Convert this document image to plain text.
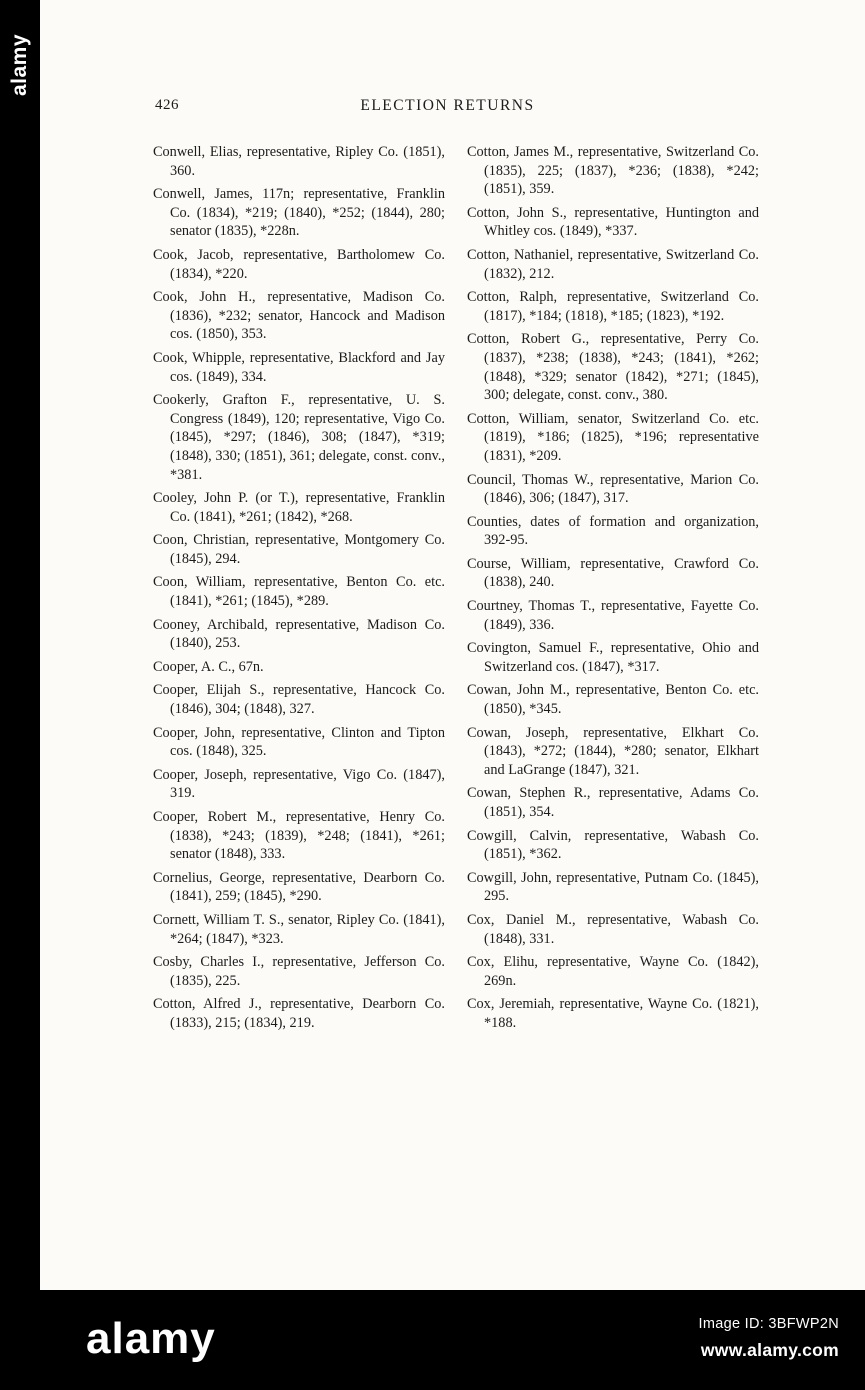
426	ELECTION RETURNS

Conwell, Elias, representative, Ripley Co. (1851), 360.

Conwell, James, 117n; representative, Franklin Co. (1834), *219; (1840), *252; (1844), 280; senator (1835), *228n.

Cook, Jacob, representative, Bartholomew Co. (1834), *220.

Cook, John H., representative, Madison Co. (1836), *232; senator, Hancock and Madison cos. (1850), 353.

Cook, Whipple, representative, Blackford and Jay cos. (1849), 334.

Cookerly, Grafton F., representative, U. S. Congress (1849), 120; representative, Vigo Co. (1845), *297; (1846), 308; (1847), *319; (1848), 330; (1851), 361; delegate, const. conv., *381.

Cooley, John P. (or T.), representative, Franklin Co. (1841), *261; (1842), *268.

Coon, Christian, representative, Montgomery Co. (1845), 294.

Coon, William, representative, Benton Co. etc. (1841), *261; (1845), *289.

Cooney, Archibald, representative, Madison Co. (1840), 253.

Cooper, A. C., 67n.

Cooper, Elijah S., representative, Hancock Co. (1846), 304; (1848), 327.

Cooper, John, representative, Clinton and Tipton cos. (1848), 325.

Cooper, Joseph, representative, Vigo Co. (1847), 319.

Cooper, Robert M., representative, Henry Co. (1838), *243; (1839), *248; (1841), *261; senator (1848), 333.

Cornelius, George, representative, Dearborn Co. (1841), 259; (1845), *290.

Cornett, William T. S., senator, Ripley Co. (1841), *264; (1847), *323.

Cosby, Charles I., representative, Jefferson Co. (1835), 225.

Cotton, Alfred J., representative, Dearborn Co. (1833), 215; (1834), 219.

Cotton, James M., representative, Switzerland Co. (1835), 225; (1837), *236; (1838), *242; (1851), 359.

Cotton, John S., representative, Huntington and Whitley cos. (1849), *337.

Cotton, Nathaniel, representative, Switzerland Co. (1832), 212.

Cotton, Ralph, representative, Switzerland Co. (1817), *184; (1818), *185; (1823), *192.

Cotton, Robert G., representative, Perry Co. (1837), *238; (1838), *243; (1841), *262; (1848), *329; senator (1842), *271; (1845), 300; delegate, const. conv., 380.

Cotton, William, senator, Switzerland Co. etc. (1819), *186; (1825), *196; representative (1831), *209.

Council, Thomas W., representative, Marion Co. (1846), 306; (1847), 317.

Counties, dates of formation and organization, 392-95.

Course, William, representative, Crawford Co. (1838), 240.

Courtney, Thomas T., representative, Fayette Co. (1849), 336.

Covington, Samuel F., representative, Ohio and Switzerland cos. (1847), *317.

Cowan, John M., representative, Benton Co. etc. (1850), *345.

Cowan, Joseph, representative, Elkhart Co. (1843), *272; (1844), *280; senator, Elkhart and LaGrange (1847), 321.

Cowan, Stephen R., representative, Adams Co. (1851), 354.

Cowgill, Calvin, representative, Wabash Co. (1851), *362.

Cowgill, John, representative, Putnam Co. (1845), 295.

Cox, Daniel M., representative, Wabash Co. (1848), 331.

Cox, Elihu, representative, Wayne Co. (1842), 269n.

Cox, Jeremiah, representative, Wayne Co. (1821), *188.

alamy
alamy	Image ID: 3BFWP2N
www.alamy.com
